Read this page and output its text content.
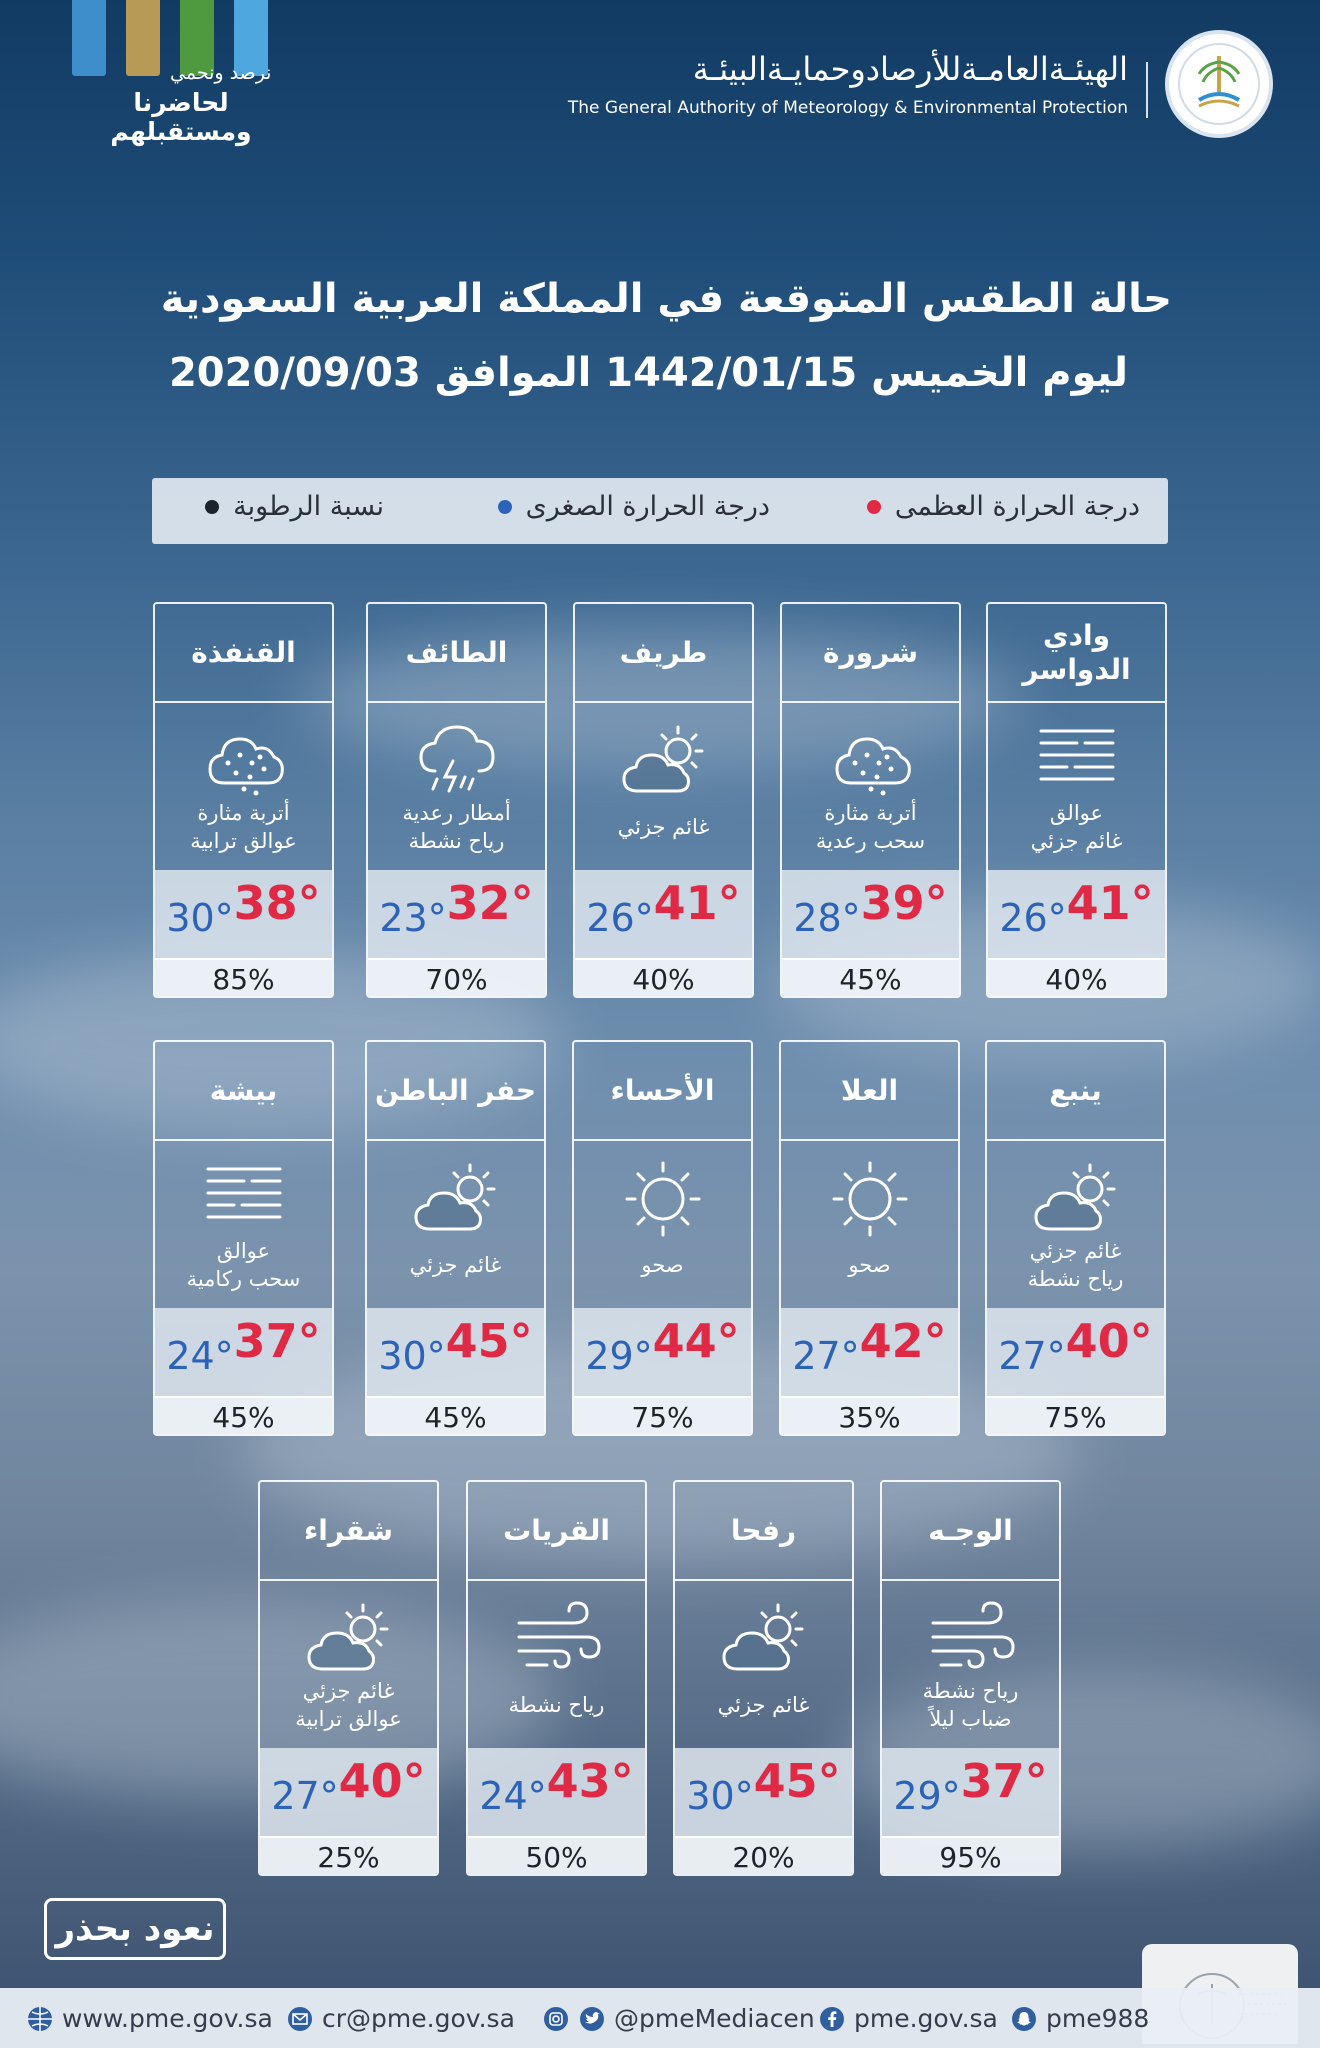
نرصد ونحمي
لحاضرنا ومستقبلهم
الهيئـةالعامـةللأرصادوحمايـةالبيئـة
The General Authority of Meteorology & Environmental Protection
حالة الطقس المتوقعة في المملكة العربية السعودية
ليوم الخميس 1442/01/15 الموافق 2020/09/03
درجة الحرارة العظمى
درجة الحرارة الصغرى
نسبة الرطوبة
وادي
الدواسر
عوالق
غائم جزئي
26°41°
40%
شرورة
أتربة مثارة
سحب رعدية
28°39°
45%
طريف
غائم جزئي
26°41°
40%
الطائف
أمطار رعدية
رياح نشطة
23°32°
70%
القنفذة
أتربة مثارة
عوالق ترابية
30°38°
85%
ينبع
غائم جزئي
رياح نشطة
27°40°
75%
العلا
صحو
27°42°
35%
الأحساء
صحو
29°44°
75%
حفر الباطن
غائم جزئي
30°45°
45%
بيشة
عوالق
سحب ركامية
24°37°
45%
الوجـه
رياح نشطة
ضباب ليلاً
29°37°
95%
رفحا
غائم جزئي
30°45°
20%
القريات
رياح نشطة
24°43°
50%
شقراء
غائم جزئي
عوالق ترابية
27°40°
25%
نعود بحذر
www.pme.gov.sa cr@pme.gov.sa	@pmeMediacen pme.gov.sa pme988
